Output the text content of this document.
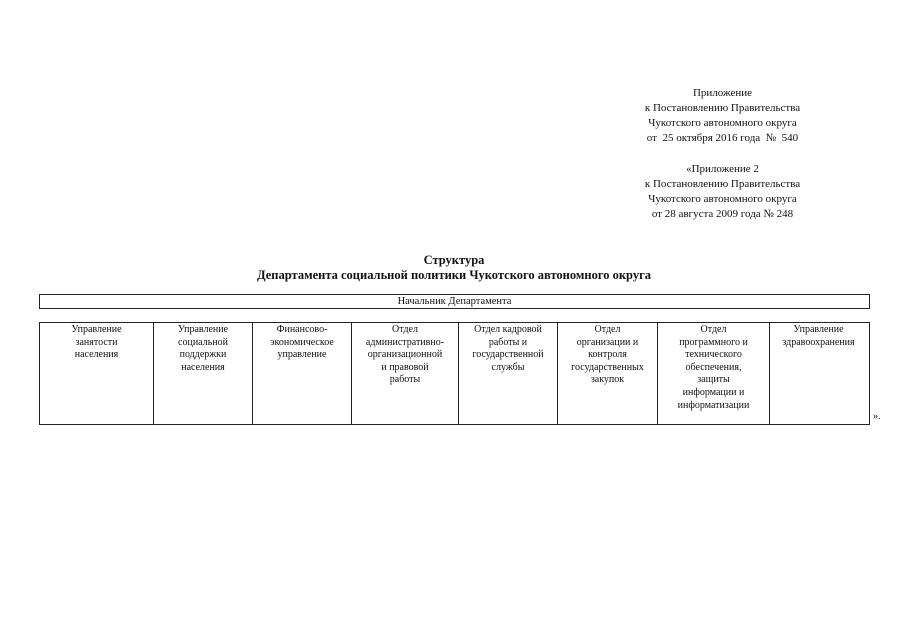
Приложение
к Постановлению Правительства
Чукотского автономного округа
от  25 октября 2016 года  №  540
«Приложение 2
к Постановлению Правительства
Чукотского автономного округа
от 28 августа 2009 года № 248
Структура
Департамента социальной политики Чукотского автономного округа
Начальник Департамента
Управление
занятости
населения
Управление
социальной
поддержки
населения
Финансово-
экономическое
управление
Отдел
административно-
организационной
и правовой
работы
Отдел кадровой
работы и
государственной
службы
Отдел
организации и
контроля
государственных
закупок
Отдел
программного и
технического
обеспечения,
защиты
информации и
информатизации
Управление
здравоохранения
».
